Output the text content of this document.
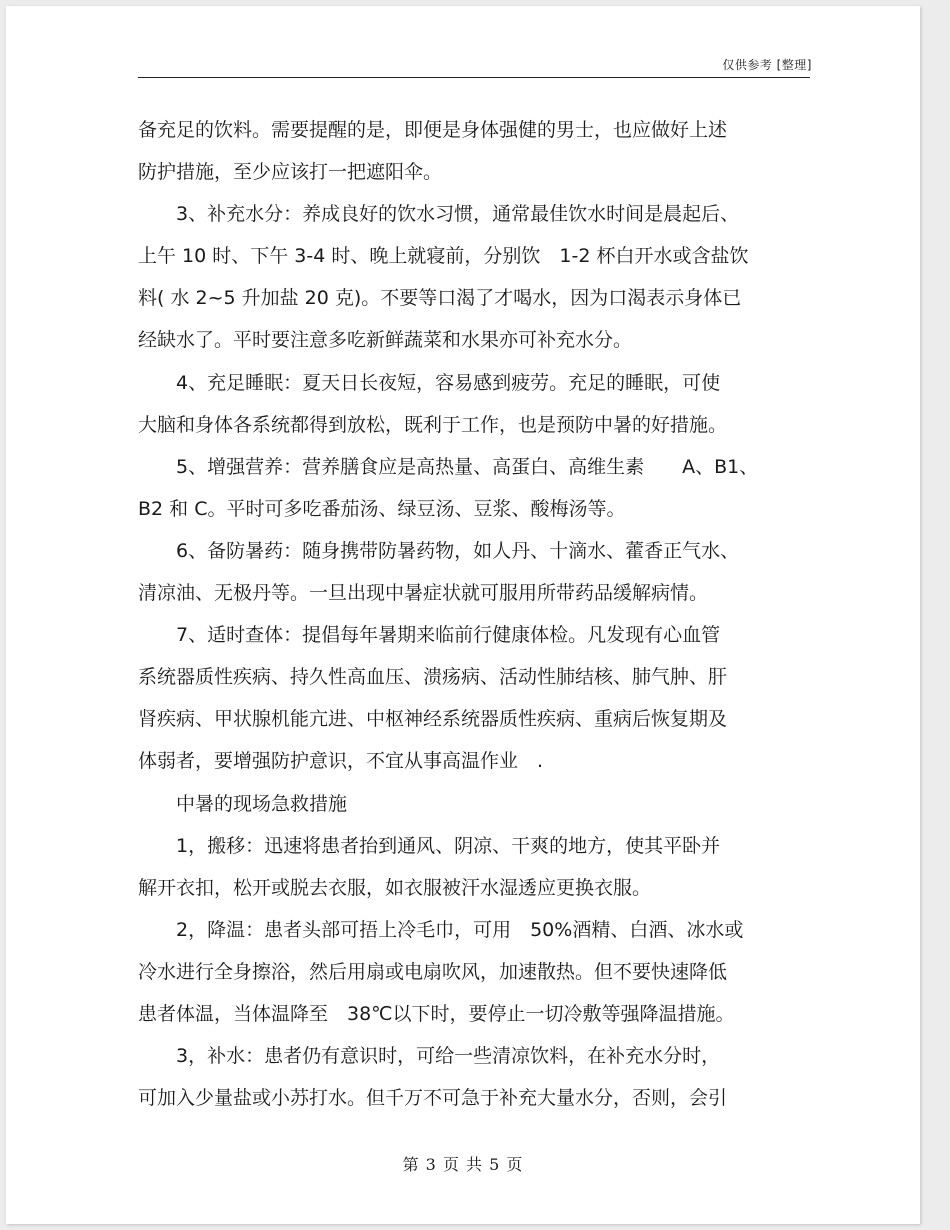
仅供参考 [整理]

备充足的饮料。需要提醒的是，即便是身体强健的男士，也应做好上述

防护措施，至少应该打一把遮阳伞。

　　3、补充水分：养成良好的饮水习惯，通常最佳饮水时间是晨起后、

上午 10 时、下午 3-4 时、晚上就寝前，分别饮　1-2 杯白开水或含盐饮

料( 水 2~5 升加盐 20 克)。不要等口渴了才喝水，因为口渴表示身体已

经缺水了。平时要注意多吃新鲜蔬菜和水果亦可补充水分。

　　4、充足睡眠：夏天日长夜短，容易感到疲劳。充足的睡眠，可使

大脑和身体各系统都得到放松，既利于工作，也是预防中暑的好措施。

　　5、增强营养：营养膳食应是高热量、高蛋白、高维生素　　A、B1、

B2 和 C。平时可多吃番茄汤、绿豆汤、豆浆、酸梅汤等。

　　6、备防暑药：随身携带防暑药物，如人丹、十滴水、藿香正气水、

清凉油、无极丹等。一旦出现中暑症状就可服用所带药品缓解病情。

　　7、适时查体：提倡每年暑期来临前行健康体检。凡发现有心血管

系统器质性疾病、持久性高血压、溃疡病、活动性肺结核、肺气肿、肝

肾疾病、甲状腺机能亢进、中枢神经系统器质性疾病、重病后恢复期及

体弱者，要增强防护意识，不宜从事高温作业　.

　　中暑的现场急救措施

　　1，搬移：迅速将患者抬到通风、阴凉、干爽的地方，使其平卧并

解开衣扣，松开或脱去衣服，如衣服被汗水湿透应更换衣服。

　　2，降温：患者头部可捂上冷毛巾，可用　50%酒精、白酒、冰水或

冷水进行全身擦浴，然后用扇或电扇吹风，加速散热。但不要快速降低

患者体温，当体温降至　38℃以下时，要停止一切冷敷等强降温措施。

　　3，补水：患者仍有意识时，可给一些清凉饮料，在补充水分时，

可加入少量盐或小苏打水。但千万不可急于补充大量水分，否则，会引

第 3 页 共 5 页
